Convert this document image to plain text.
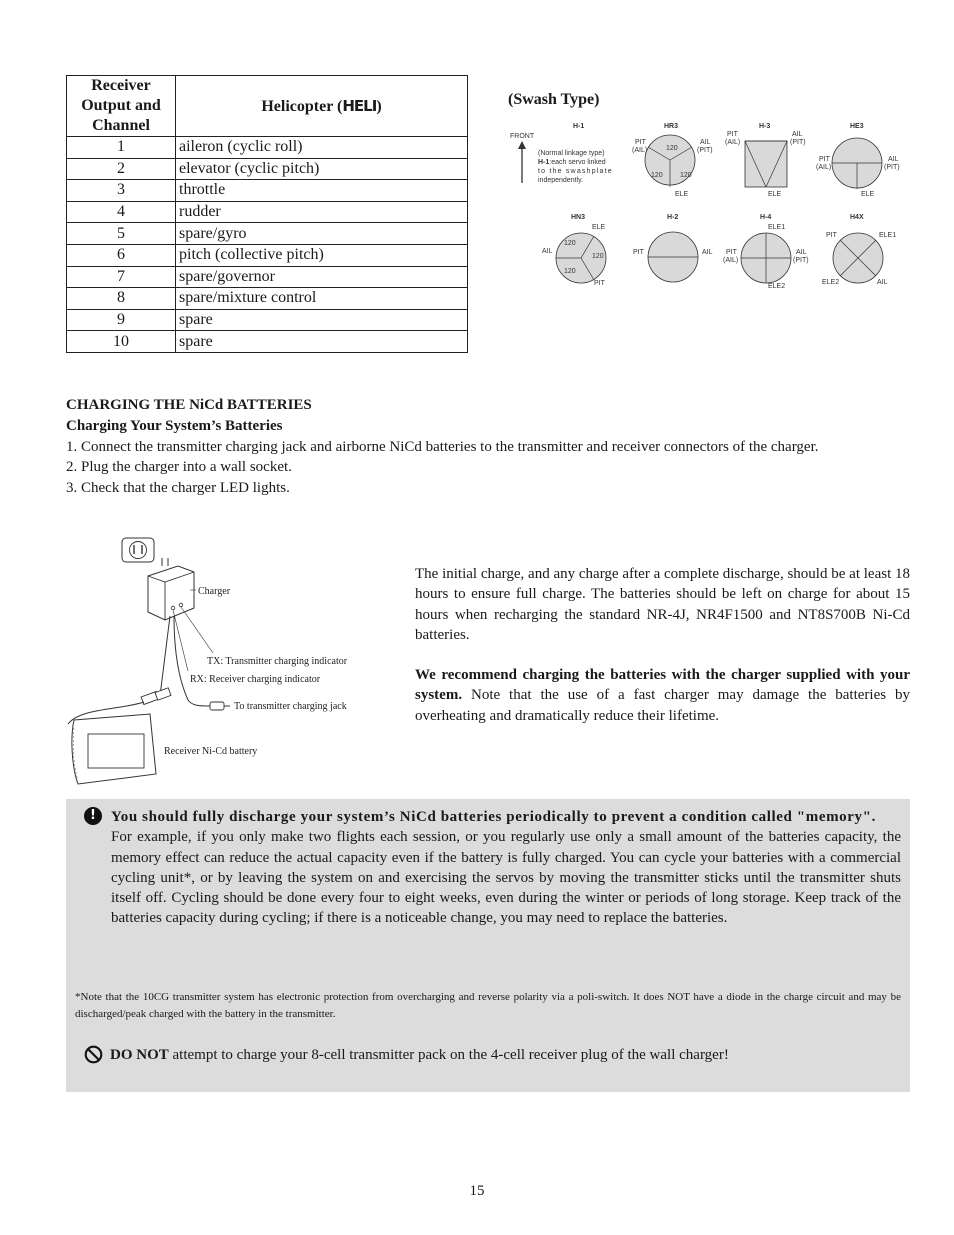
Receiver Output and Channel	Helicopter (HELI)
1	aileron (cyclic roll)
2	elevator (cyclic pitch)
3	throttle
4	rudder
5	spare/gyro
6	pitch (collective pitch)
7	spare/governor
8	spare/mixture control
9	spare
10	spare
(Swash Type)
H-1
FRONT
(Normal linkage type)
H-1:each servo linked
to the swashplate
independently.
HR3
PIT
(AIL)
AIL
(PIT)
120
120 120
ELE
H-3
PIT
(AIL)
AIL
(PIT)
ELE
HE3
PIT
(AIL)
AIL
(PIT)
ELE
HN3
ELE
AIL
PIT
120
120
120
H-2
PIT	AIL
H-4
ELE1
PIT
(AIL)
AIL
(PIT)
ELE2
H4X
PIT	ELE1
ELE2	AIL
CHARGING THE NiCd BATTERIES
Charging Your System’s Batteries

1. Connect the transmitter charging jack and airborne NiCd batteries to the transmitter and receiver connectors of the charger.

2. Plug the charger into a wall socket.

3. Check that the charger LED lights.

Charger
TX: Transmitter charging indicator
RX: Receiver charging indicator
To transmitter charging jack
Receiver Ni-Cd battery

The initial charge, and any charge after a complete discharge, should be at least 18 hours to ensure full charge. The batteries should be left on charge for about 15 hours when recharging the standard NR-4J, NR4F1500 and NT8S700B Ni-Cd batteries.

We recommend charging the batteries with the charger supplied with your system. Note that the use of a fast charger may damage the batteries by overheating and dramatically reduce their lifetime.

!	You should fully discharge your system’s NiCd batteries periodically to prevent a condition called "memory".

For example, if you only make two flights each session, or you regularly use only a small amount of the batteries capacity, the memory effect can reduce the actual capacity even if the battery is fully charged. You can cycle your batteries with a commercial cycling unit*, or by leaving the system on and exercising the servos by moving the transmitter sticks until the transmitter shuts itself off. Cycling should be done every four to eight weeks, even during the winter or periods of long storage. Keep track of the batteries capacity during cycling; if there is a noticeable change, you may need to replace the batteries.

*Note that the 10CG transmitter system has electronic protection from overcharging and reverse polarity via a poli-switch. It does NOT have a diode in the charge circuit and may be discharged/peak charged with the battery in the transmitter.
DO NOT attempt to charge your 8-cell transmitter pack on the 4-cell receiver plug of the wall charger!
15
